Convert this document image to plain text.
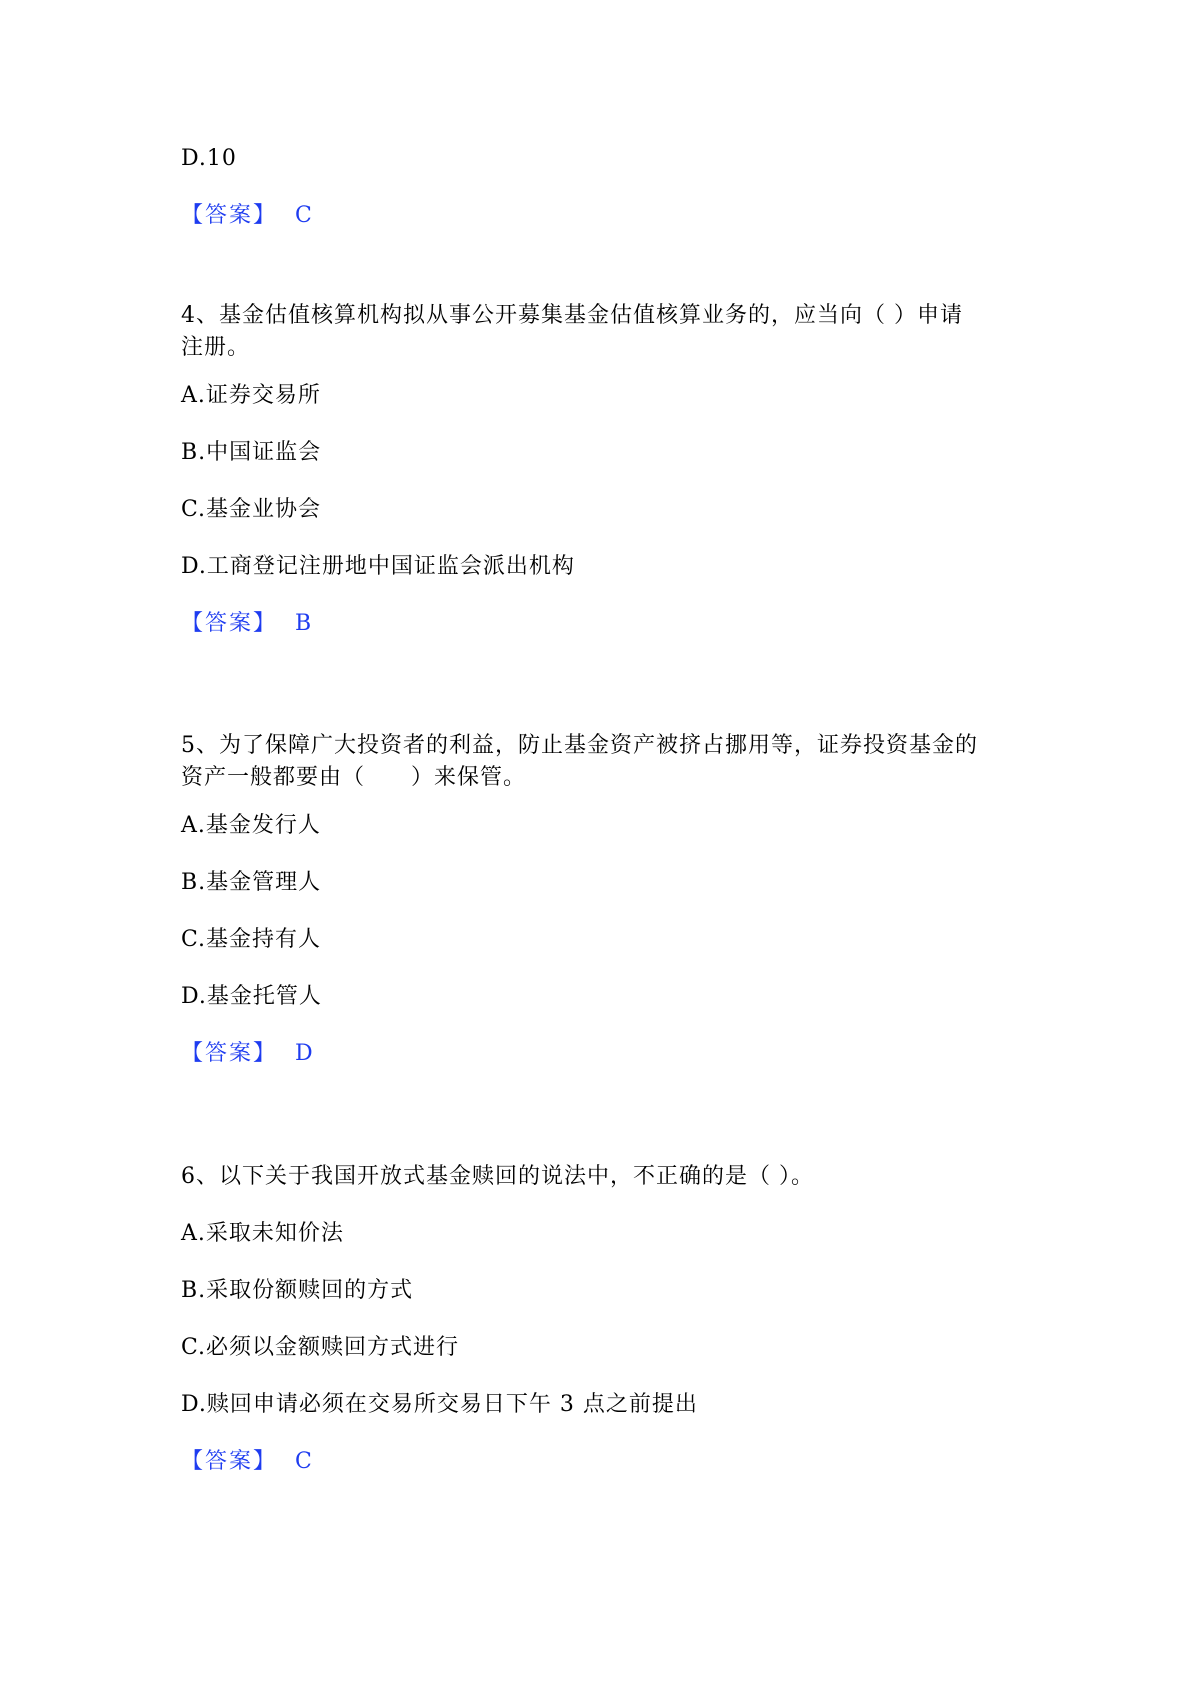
D.10
【答案】 C
4、基金估值核算机构拟从事公开募集基金估值核算业务的，应当向（ ）申请
注册。
A.证券交易所
B.中国证监会
C.基金业协会
D.工商登记注册地中国证监会派出机构
【答案】 B
5、为了保障广大投资者的利益，防止基金资产被挤占挪用等，证券投资基金的
资产一般都要由（　　）来保管。
A.基金发行人
B.基金管理人
C.基金持有人
D.基金托管人
【答案】 D
6、以下关于我国开放式基金赎回的说法中，不正确的是（ ）。
A.采取未知价法
B.采取份额赎回的方式
C.必须以金额赎回方式进行
D.赎回申请必须在交易所交易日下午 3 点之前提出
【答案】 C
